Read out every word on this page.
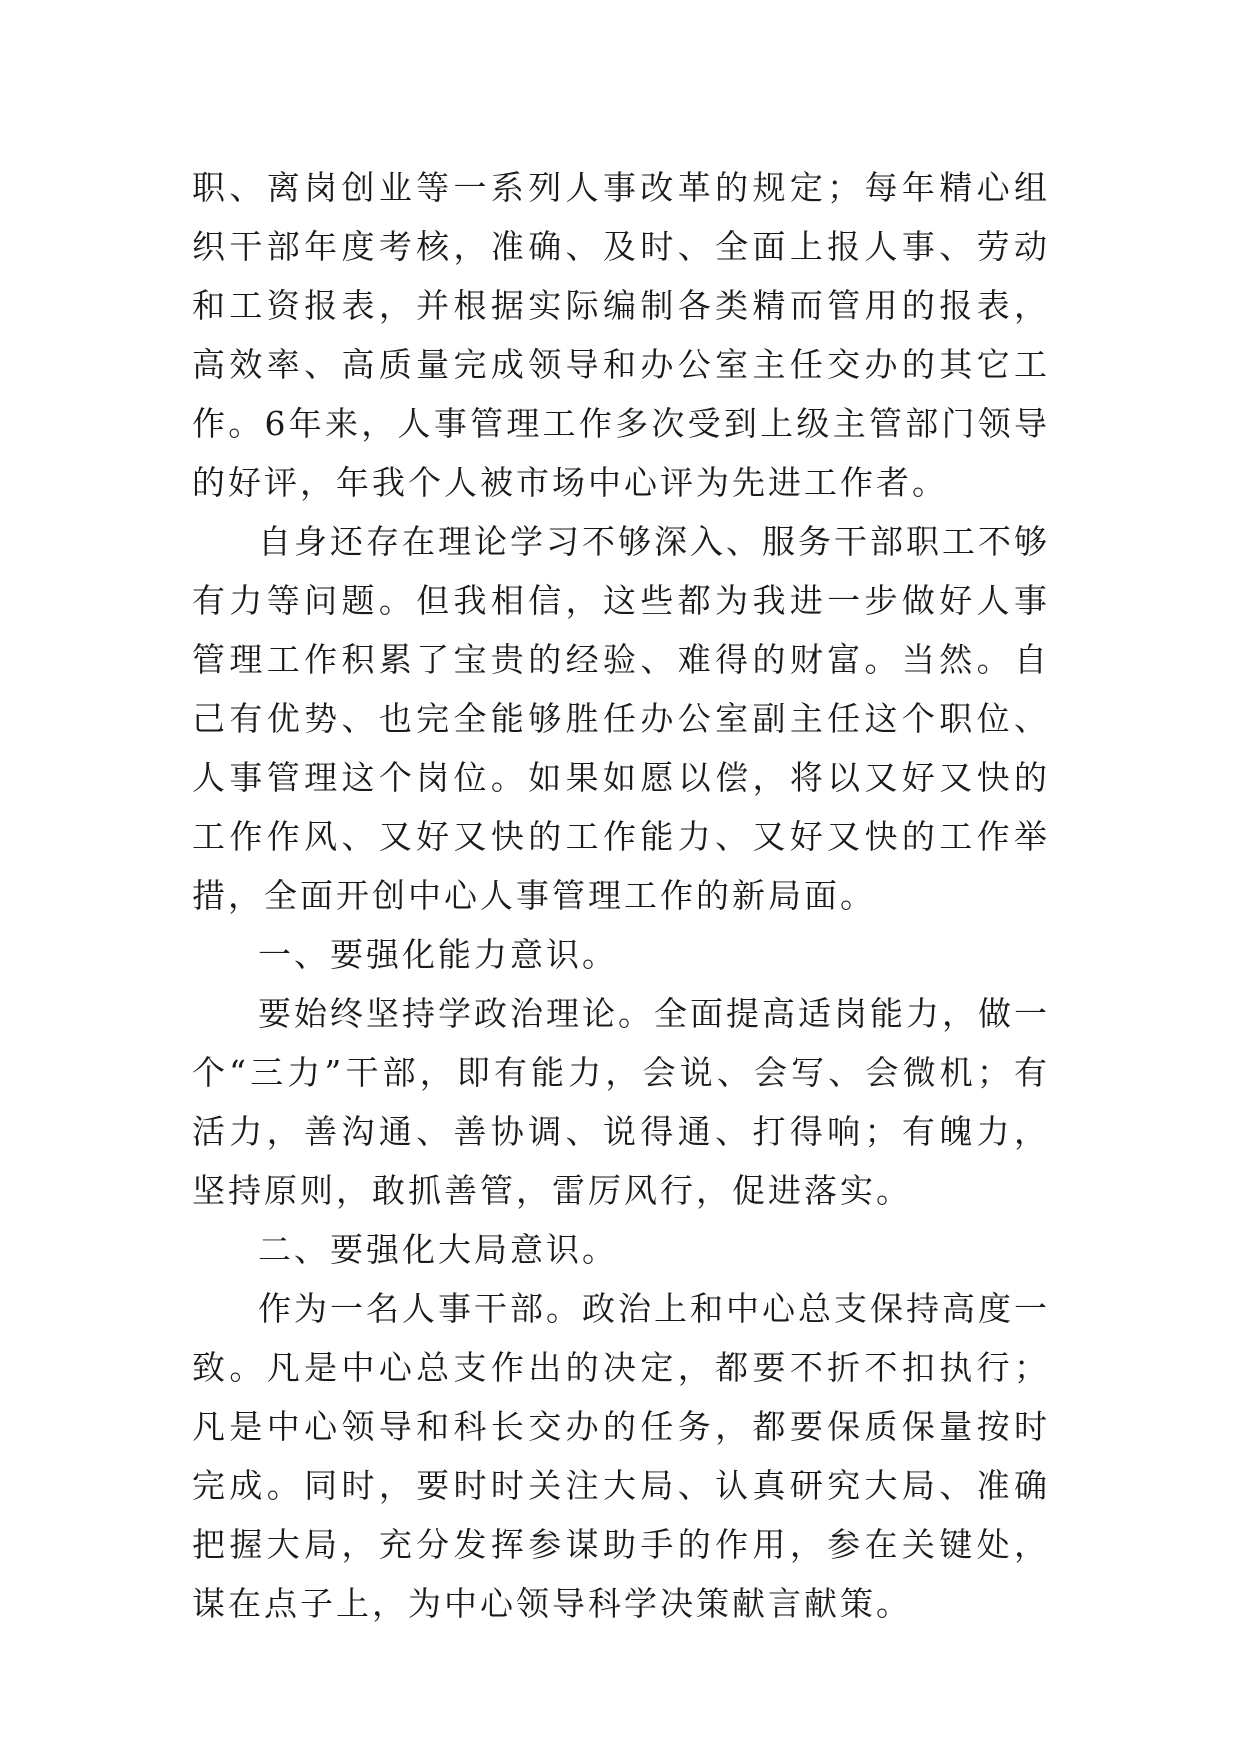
职、离岗创业等一系列人事改革的规定；每年精心组织干部年度考核，准确、及时、全面上报人事、劳动和工资报表，并根据实际编制各类精而管用的报表，高效率、高质量完成领导和办公室主任交办的其它工作。6年来，人事管理工作多次受到上级主管部门领导的好评，年我个人被市场中心评为先进工作者。

自身还存在理论学习不够深入、服务干部职工不够有力等问题。但我相信，这些都为我进一步做好人事管理工作积累了宝贵的经验、难得的财富。当然。自己有优势、也完全能够胜任办公室副主任这个职位、人事管理这个岗位。如果如愿以偿，将以又好又快的工作作风、又好又快的工作能力、又好又快的工作举措，全面开创中心人事管理工作的新局面。

一、要强化能力意识。

要始终坚持学政治理论。全面提高适岗能力，做一个“三力”干部，即有能力，会说、会写、会微机；有活力，善沟通、善协调、说得通、打得响；有魄力，坚持原则，敢抓善管，雷厉风行，促进落实。

二、要强化大局意识。

作为一名人事干部。政治上和中心总支保持高度一致。凡是中心总支作出的决定，都要不折不扣执行；凡是中心领导和科长交办的任务，都要保质保量按时完成。同时，要时时关注大局、认真研究大局、准确把握大局，充分发挥参谋助手的作用，参在关键处，谋在点子上，为中心领导科学决策献言献策。
